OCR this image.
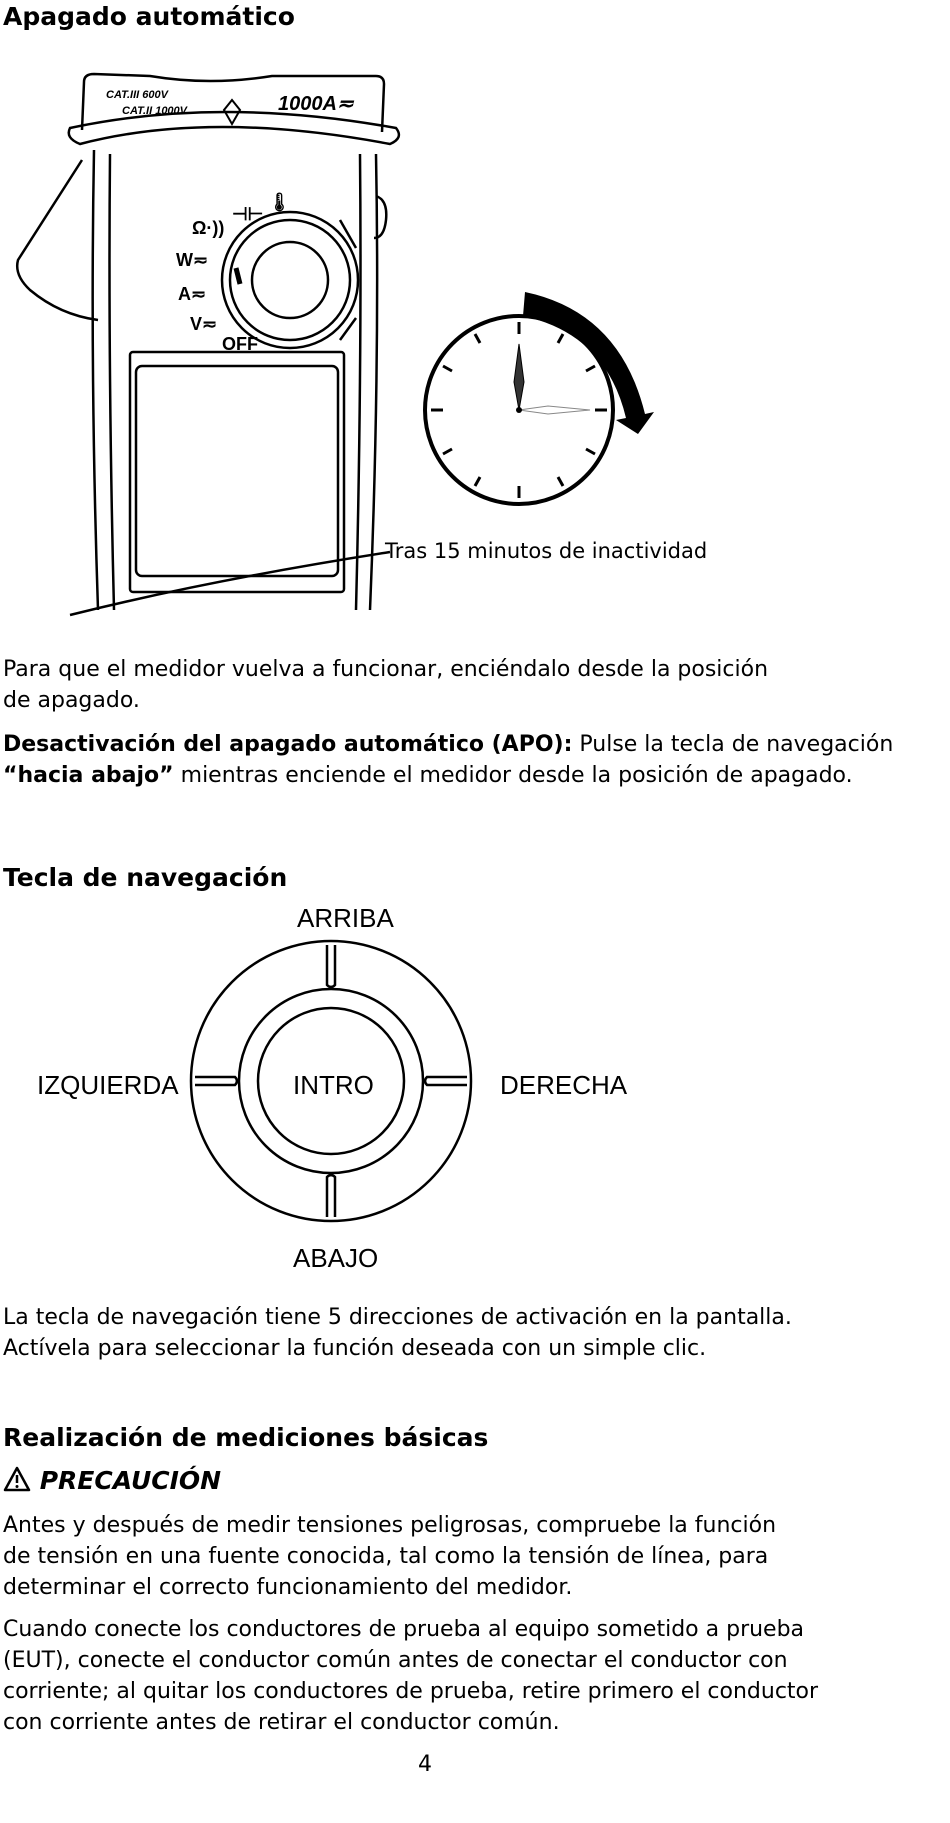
Apagado automático
CAT.III 600V
CAT.II 1000V	1000A≂
OFF
V≂
A≂
W≂
Ω·))
⊣⊢
🌡
Tras 15 minutos de inactividad
Para que el medidor vuelva a funcionar, enciéndalo desde la posición
de apagado.
Desactivación del apagado automático (APO): Pulse la tecla de navegación
“hacia abajo” mientras enciende el medidor desde la posición de apagado.
Tecla de navegación
ARRIBA
ABAJO
IZQUIERDA	DERECHA
INTRO
La tecla de navegación tiene 5 direcciones de activación en la pantalla.
Actívela para seleccionar la función deseada con un simple clic.
Realización de mediciones básicas
PRECAUCIÓN
Antes y después de medir tensiones peligrosas, compruebe la función
de tensión en una fuente conocida, tal como la tensión de línea, para
determinar el correcto funcionamiento del medidor.
Cuando conecte los conductores de prueba al equipo sometido a prueba
(EUT), conecte el conductor común antes de conectar el conductor con
corriente; al quitar los conductores de prueba, retire primero el conductor
con corriente antes de retirar el conductor común.
4
